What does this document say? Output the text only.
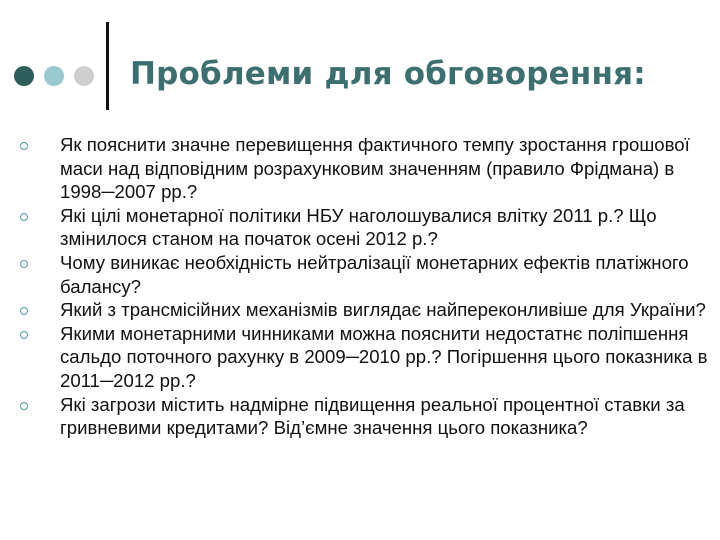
Проблеми для обговорення:
Як пояснити значне перевищення фактичного темпу зростання грошової маси над відповідним розрахунковим значенням (правило Фрідмана) в 1998─2007 рр.?
Які цілі монетарної політики НБУ наголошувалися влітку 2011 р.? Що змінилося станом на початок осені 2012 р.?
Чому виникає необхідність нейтралізації монетарних ефектів платіжного балансу?
Який з трансмісійних механізмів виглядає найпереконливіше для України?
Якими монетарними чинниками можна пояснити недостатнє поліпшення сальдо поточного рахунку в 2009─2010 рр.? Погіршення цього показника в 2011─2012 рр.?
Які загрози містить надмірне підвищення реальної процентної ставки за гривневими кредитами? Від’ємне значення цього показника?
